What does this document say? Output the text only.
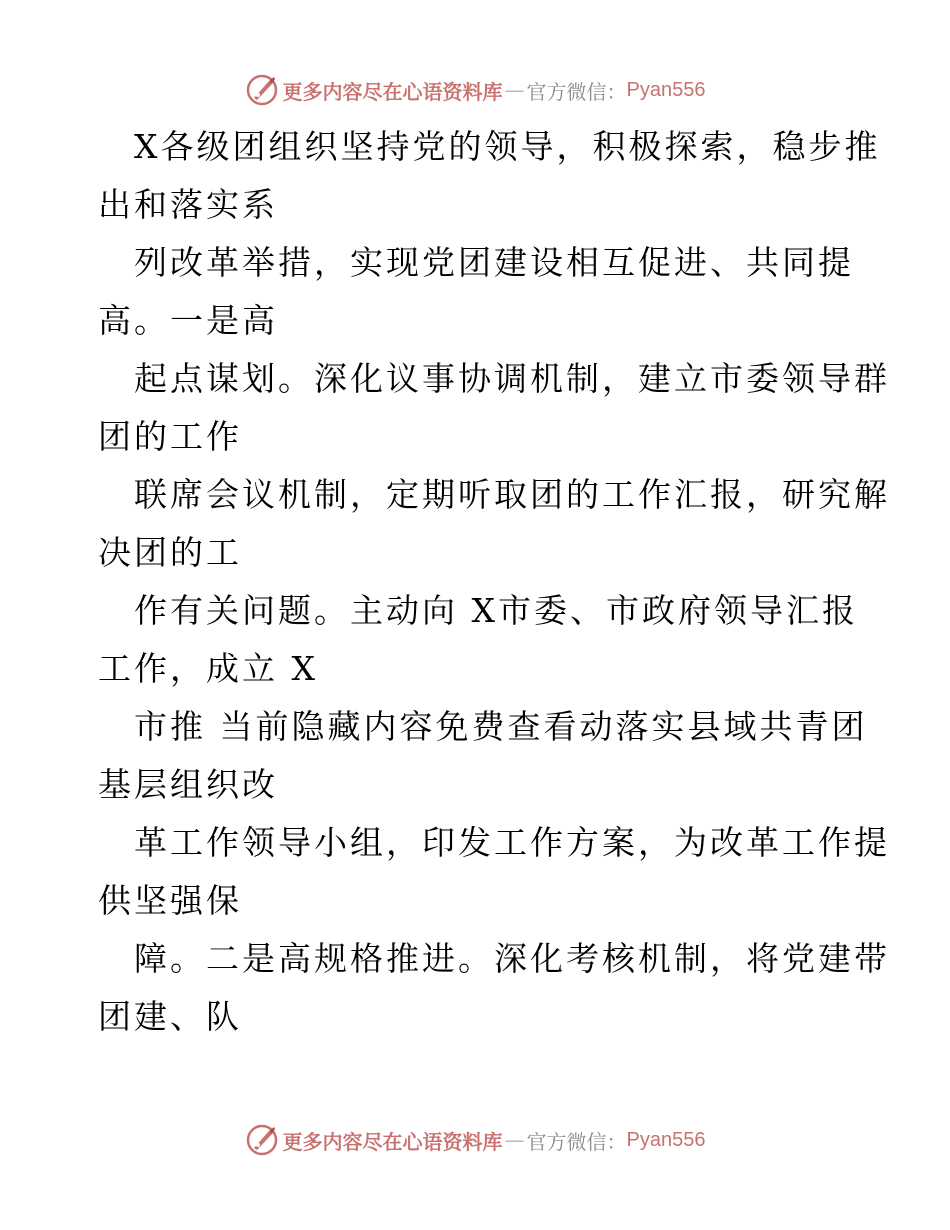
更多内容尽在心语资料库 — 官方微信： Pyan556
X各级团组织坚持党的领导，积极探索，稳步推
出和落实系
列改革举措，实现党团建设相互促进、共同提
高。一是高
起点谋划。深化议事协调机制，建立市委领导群
团的工作
联席会议机制，定期听取团的工作汇报，研究解
决团的工
作有关问题。主动向 X市委、市政府领导汇报
工作，成立 X
市推 当前隐藏内容免费查看动落实县域共青团
基层组织改
革工作领导小组，印发工作方案，为改革工作提
供坚强保
障。二是高规格推进。深化考核机制，将党建带
团建、队
更多内容尽在心语资料库 — 官方微信： Pyan556
